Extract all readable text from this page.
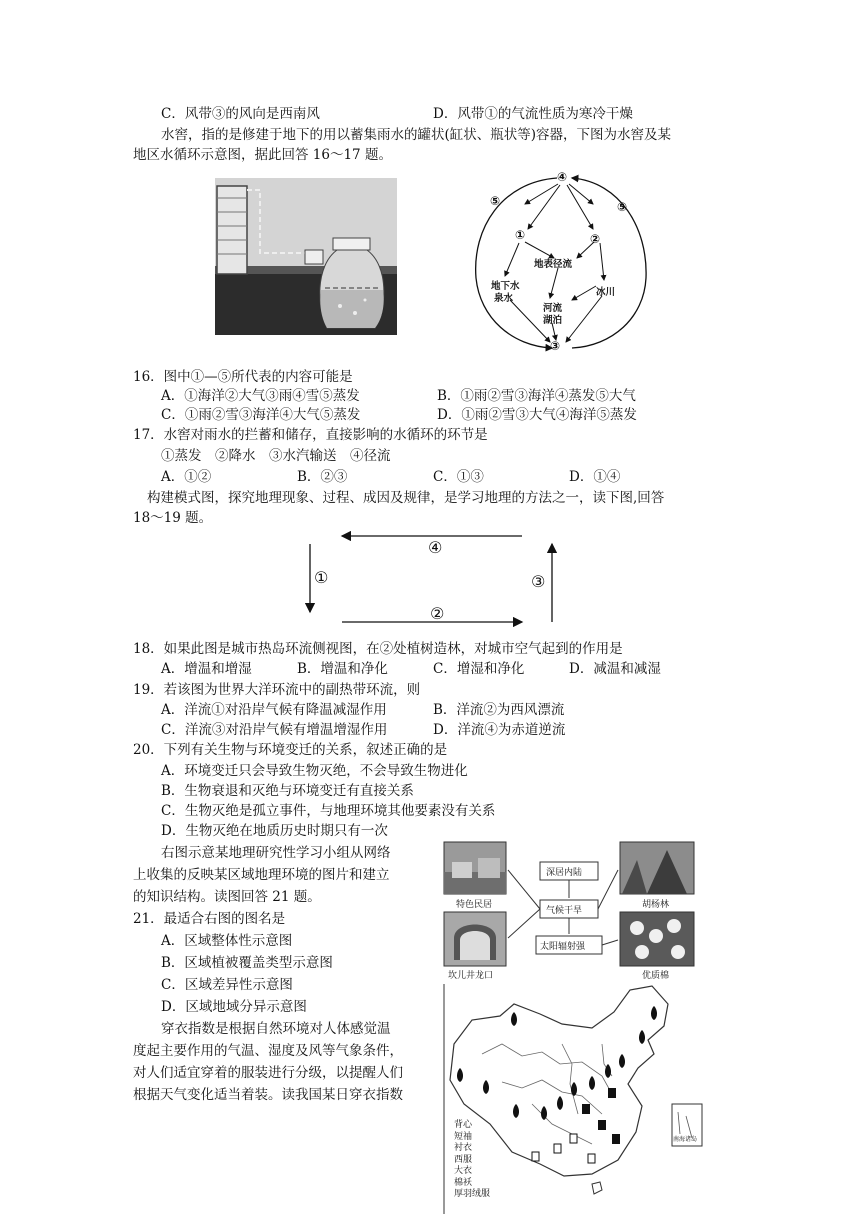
C．风带③的风向是西南风	D．风带①的气流性质为寒冷干燥
水窖，指的是修建于地下的用以蓄集雨水的罐状(缸状、瓶状等)容器，下图为水窖及某
地区水循环示意图，据此回答 16～17 题。
④
⑤	⑤
①	②
地表径流
地下水
泉水
河流
湖泊
冰川
③
16．图中①—⑤所代表的内容可能是
A．①海洋②大气③雨④雪⑤蒸发	B．①雨②雪③海洋④蒸发⑤大气
C．①雨②雪③海洋④大气⑤蒸发	D．①雨②雪③大气④海洋⑤蒸发
17．水窖对雨水的拦蓄和储存，直接影响的水循环的环节是
①蒸发　②降水　③水汽输送　④径流
A．①②	B．②③	C．①③	D．①④
构建模式图，探究地理现象、过程、成因及规律，是学习地理的方法之一，读下图,回答
18～19 题。
④
①
②
③
18．如果此图是城市热岛环流侧视图，在②处植树造林，对城市空气起到的作用是
A．增温和增湿	B．增温和净化	C．增湿和净化	D．减温和减湿
19．若该图为世界大洋环流中的副热带环流，则
A．洋流①对沿岸气候有降温减湿作用	B．洋流②为西风漂流
C．洋流③对沿岸气候有增温增湿作用	D．洋流④为赤道逆流
20．下列有关生物与环境变迁的关系，叙述正确的是
A．环境变迁只会导致生物灭绝，不会导致生物进化
B．生物衰退和灭绝与环境变迁有直接关系
C．生物灭绝是孤立事件，与地理环境其他要素没有关系
D．生物灭绝在地质历史时期只有一次
右图示意某地理研究性学习小组从网络
上收集的反映某区域地理环境的图片和建立
的知识结构。读图回答 21 题。
21．最适合右图的图名是
A．区域整体性示意图
B．区域植被覆盖类型示意图
C．区域差异性示意图
D．区域地域分异示意图
穿衣指数是根据自然环境对人体感觉温
度起主要作用的气温、湿度及风等气象条件，
对人们适宜穿着的服装进行分级，以提醒人们
根据天气变化适当着装。读我国某日穿衣指数
深居内陆
气候干旱
太阳辐射强
特色民居	胡杨林
坎儿井龙口	优质棉
背心
短袖
衬衣
西服
大衣
棉袄
厚羽绒服
南海诸岛
